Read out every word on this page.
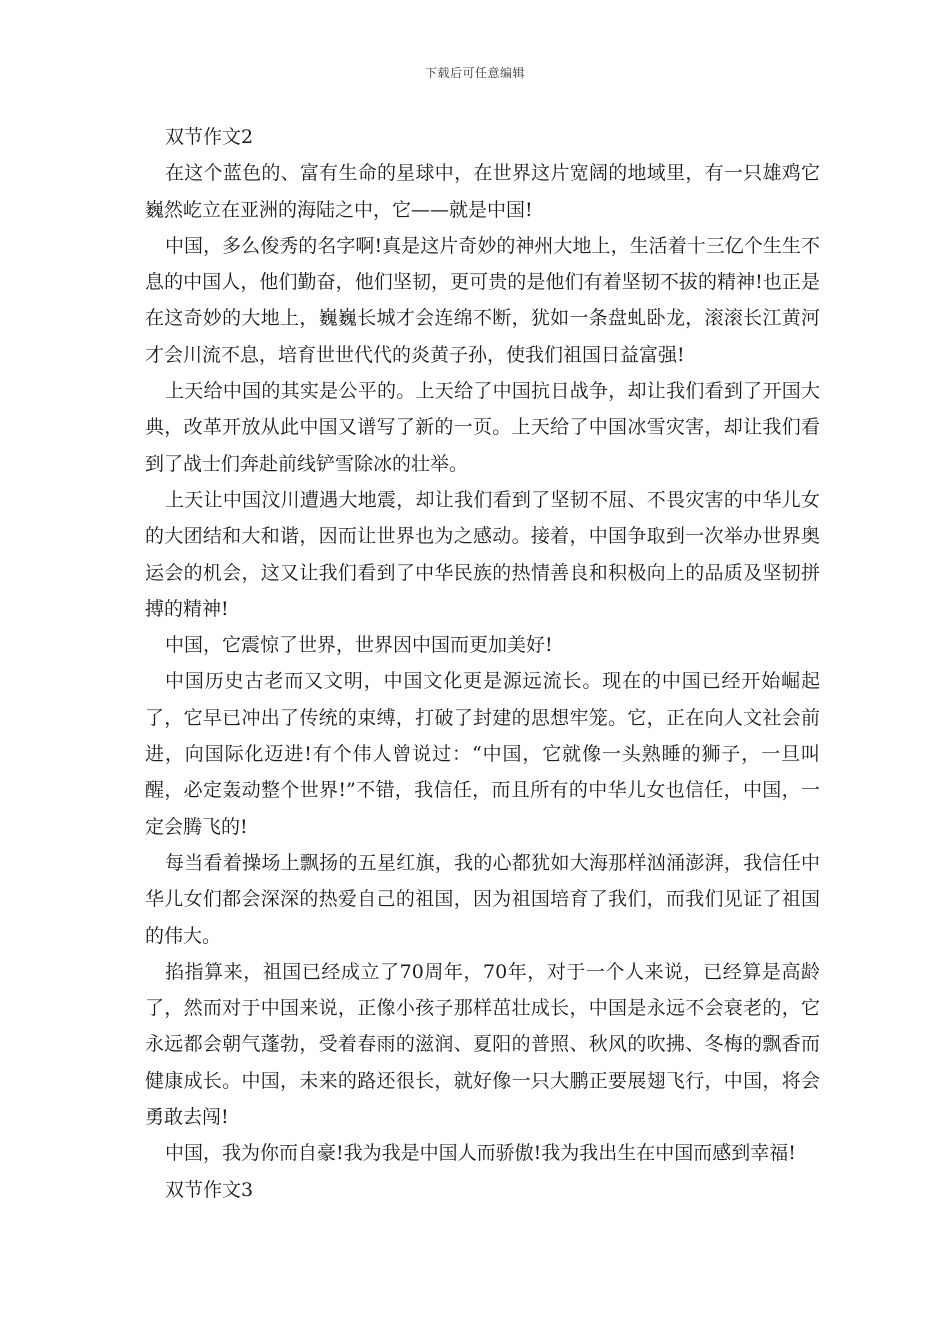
下载后可任意编辑

双节作文2

在这个蓝色的、富有生命的星球中，在世界这片宽阔的地域里，有一只雄鸡它巍然屹立在亚洲的海陆之中，它——就是中国!

中国，多么俊秀的名字啊!真是这片奇妙的神州大地上，生活着十三亿个生生不息的中国人，他们勤奋，他们坚韧，更可贵的是他们有着坚韧不拔的精神!也正是在这奇妙的大地上，巍巍长城才会连绵不断，犹如一条盘虬卧龙，滚滚长江黄河才会川流不息，培育世世代代的炎黄子孙，使我们祖国日益富强!

上天给中国的其实是公平的。上天给了中国抗日战争，却让我们看到了开国大典，改革开放从此中国又谱写了新的一页。上天给了中国冰雪灾害，却让我们看到了战士们奔赴前线铲雪除冰的壮举。

上天让中国汶川遭遇大地震，却让我们看到了坚韧不屈、不畏灾害的中华儿女的大团结和大和谐，因而让世界也为之感动。接着，中国争取到一次举办世界奥运会的机会，这又让我们看到了中华民族的热情善良和积极向上的品质及坚韧拼搏的精神!

中国，它震惊了世界，世界因中国而更加美好!

中国历史古老而又文明，中国文化更是源远流长。现在的中国已经开始崛起了，它早已冲出了传统的束缚，打破了封建的思想牢笼。它，正在向人文社会前进，向国际化迈进!有个伟人曾说过：“中国，它就像一头熟睡的狮子，一旦叫醒，必定轰动整个世界!”不错，我信任，而且所有的中华儿女也信任，中国，一定会腾飞的!

每当看着操场上飘扬的五星红旗，我的心都犹如大海那样汹涌澎湃，我信任中华儿女们都会深深的热爱自己的祖国，因为祖国培育了我们，而我们见证了祖国的伟大。

掐指算来，祖国已经成立了70周年，70年，对于一个人来说，已经算是高龄了，然而对于中国来说，正像小孩子那样茁壮成长，中国是永远不会衰老的，它永远都会朝气蓬勃，受着春雨的滋润、夏阳的普照、秋风的吹拂、冬梅的飘香而健康成长。中国，未来的路还很长，就好像一只大鹏正要展翅飞行，中国，将会勇敢去闯!

中国，我为你而自豪!我为我是中国人而骄傲!我为我出生在中国而感到幸福!

双节作文3
